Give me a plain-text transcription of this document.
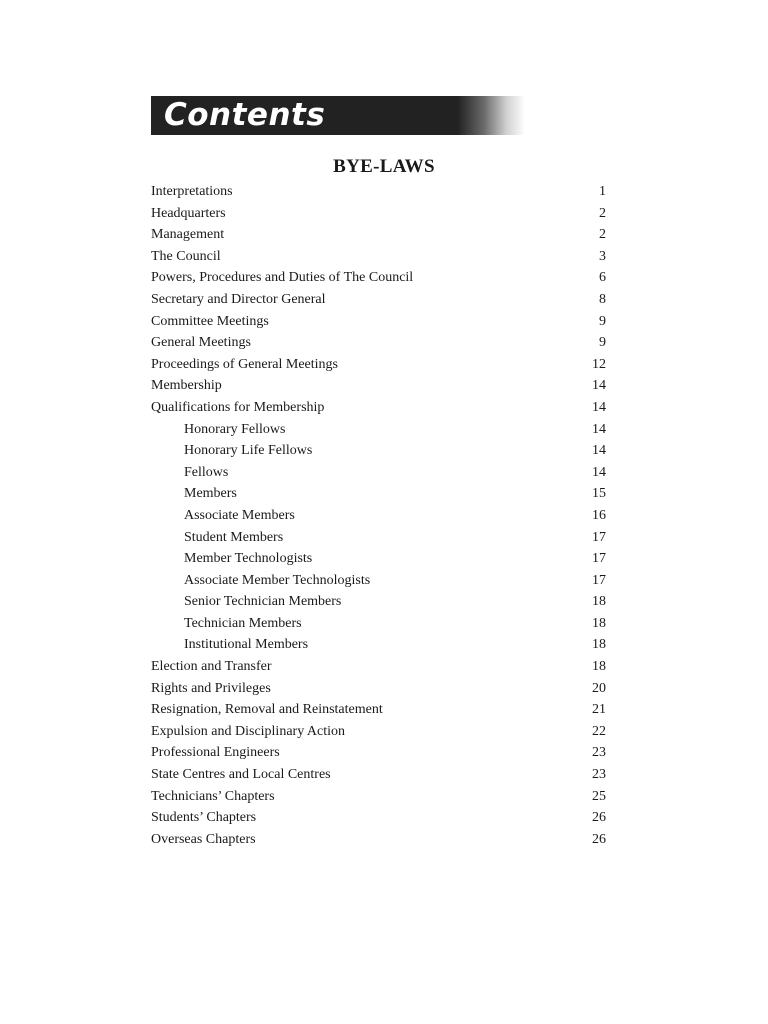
Contents
BYE-LAWS
Interpretations	1
Headquarters	2
Management	2
The Council	3
Powers, Procedures and Duties of The Council	6
Secretary and Director General	8
Committee Meetings	9
General Meetings	9
Proceedings of General Meetings	12
Membership	14
Qualifications for Membership	14
Honorary Fellows	14
Honorary Life Fellows	14
Fellows	14
Members	15
Associate Members	16
Student Members	17
Member Technologists	17
Associate Member Technologists	17
Senior Technician Members	18
Technician Members	18
Institutional Members	18
Election and Transfer	18
Rights and Privileges	20
Resignation, Removal and Reinstatement	21
Expulsion and Disciplinary Action	22
Professional Engineers	23
State Centres and Local Centres	23
Technicians’ Chapters	25
Students’ Chapters	26
Overseas Chapters	26
